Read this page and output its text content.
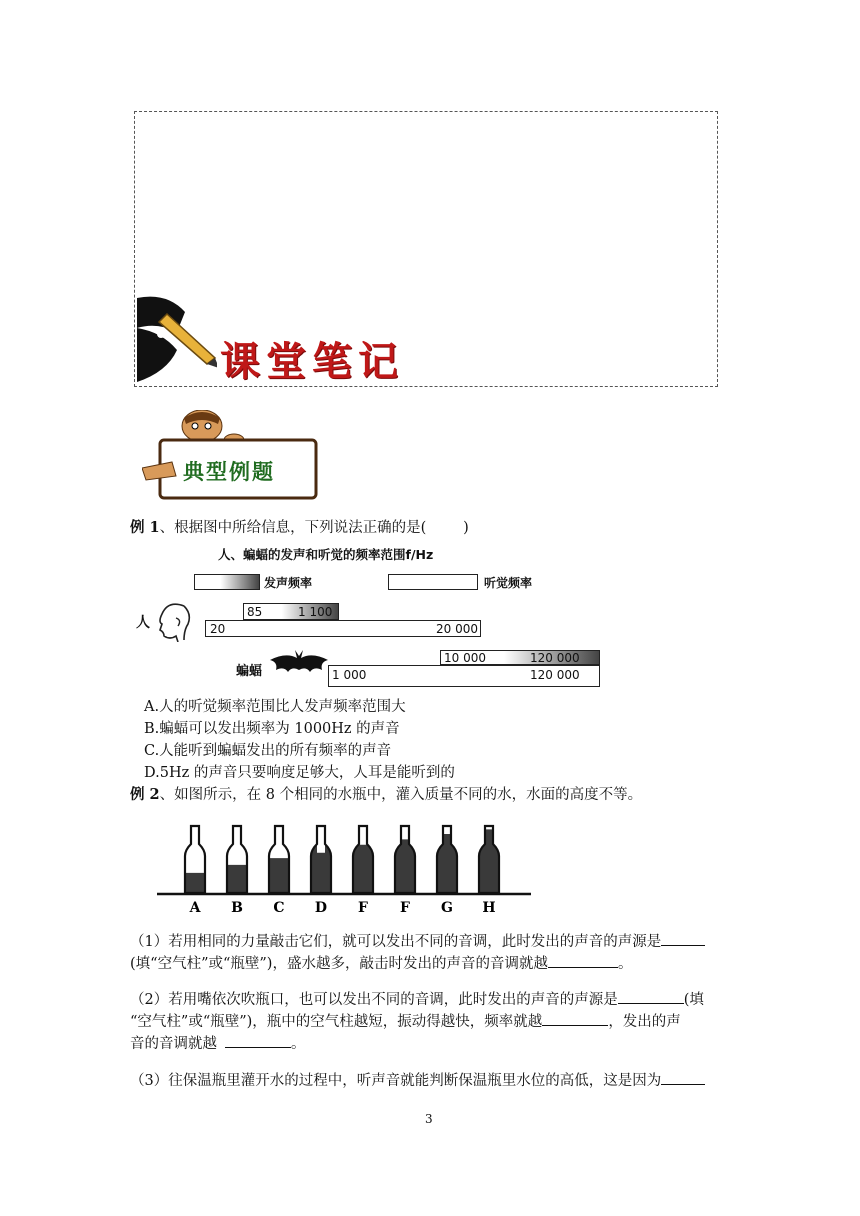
课堂笔记
典型例题
例 1、根据图中所给信息，下列说法正确的是(        )
人、蝙蝠的发声和听觉的频率范围f/Hz
发声频率	听觉频率
人
85	1 100
20	20 000
蝙蝠
10 000	120 000
1 000	120 000
A.人的听觉频率范围比人发声频率范围大
B.蝙蝠可以发出频率为 1000Hz 的声音
C.人能听到蝙蝠发出的所有频率的声音
D.5Hz 的声音只要响度足够大，人耳是能听到的
例 2、如图所示，在 8 个相同的水瓶中，灌入质量不同的水，水面的高度不等。
A B C D F F G H
（1）若用相同的力量敲击它们，就可以发出不同的音调，此时发出的声音的声源是
(填“空气柱”或“瓶壁”)，盛水越多，敲击时发出的声音的音调就越	。
（2）若用嘴依次吹瓶口，也可以发出不同的音调，此时发出的声音的声源是	(填
“空气柱”或“瓶壁”)，瓶中的空气柱越短，振动得越快，频率就越	，发出的声
音的音调就越	。
（3）往保温瓶里灌开水的过程中，听声音就能判断保温瓶里水位的高低，这是因为
3
